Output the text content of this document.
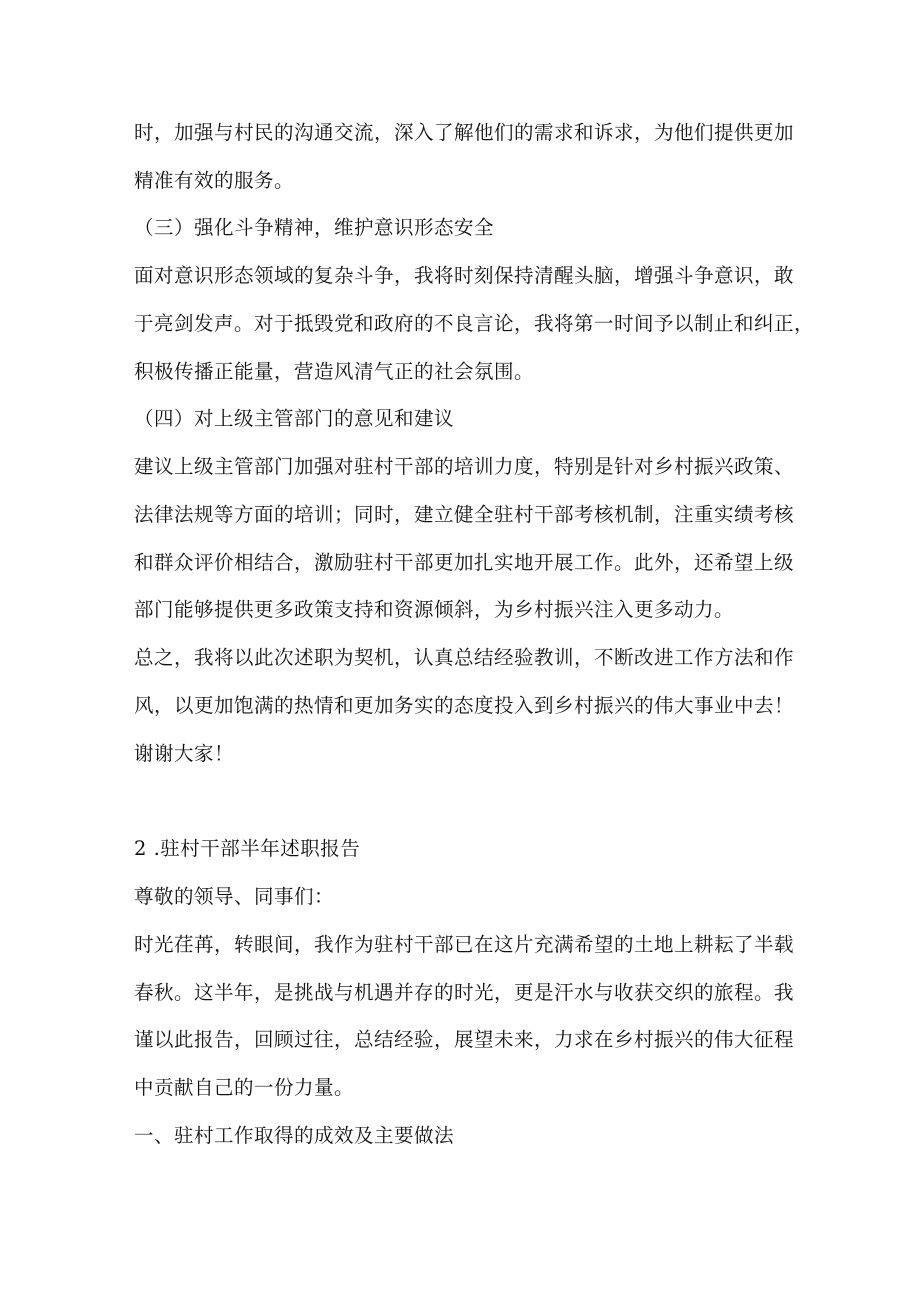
时，加强与村民的沟通交流，深入了解他们的需求和诉求，为他们提供更加

精准有效的服务。

（三）强化斗争精神，维护意识形态安全

面对意识形态领域的复杂斗争，我将时刻保持清醒头脑，增强斗争意识，敢

于亮剑发声。对于抵毁党和政府的不良言论，我将第一时间予以制止和纠正，

积极传播正能量，营造风清气正的社会氛围。

（四）对上级主管部门的意见和建议

建议上级主管部门加强对驻村干部的培训力度，特别是针对乡村振兴政策、

法律法规等方面的培训；同时，建立健全驻村干部考核机制，注重实绩考核

和群众评价相结合，激励驻村干部更加扎实地开展工作。此外，还希望上级

部门能够提供更多政策支持和资源倾斜，为乡村振兴注入更多动力。

总之，我将以此次述职为契机，认真总结经验教训，不断改进工作方法和作

风，以更加饱满的热情和更加务实的态度投入到乡村振兴的伟大事业中去！

谢谢大家！

2 .驻村干部半年述职报告

尊敬的领导、同事们：

时光荏苒，转眼间，我作为驻村干部已在这片充满希望的土地上耕耘了半载

春秋。这半年，是挑战与机遇并存的时光，更是汗水与收获交织的旅程。我

谨以此报告，回顾过往，总结经验，展望未来，力求在乡村振兴的伟大征程

中贡献自己的一份力量。

一、驻村工作取得的成效及主要做法
